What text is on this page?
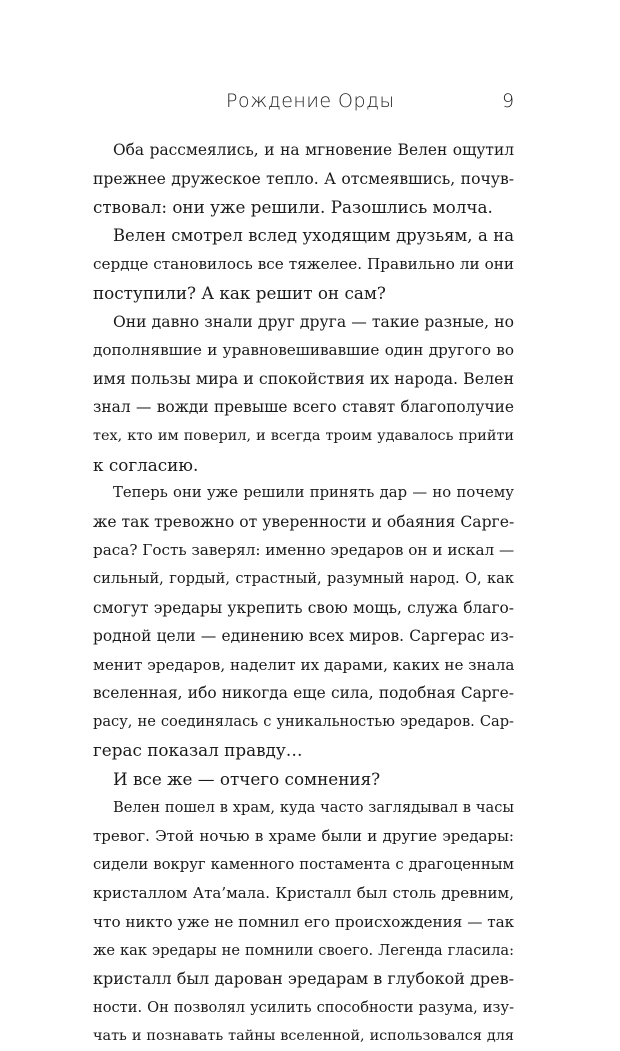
Рождение Орды	9
Оба рассмеялись, и на мгновение Велен ощутил
прежнее дружеское тепло. А отсмеявшись, почув-
ствовал: они уже решили. Разошлись молча.
Велен смотрел вслед уходящим друзьям, а на
сердце становилось все тяжелее. Правильно ли они
поступили? А как решит он сам?
Они давно знали друг друга — такие разные, но
дополнявшие и уравновешивавшие один другого во
имя пользы мира и спокойствия их народа. Велен
знал — вожди превыше всего ставят благополучие
тех, кто им поверил, и всегда троим удавалось прийти
к согласию.
Теперь они уже решили принять дар — но почему
же так тревожно от уверенности и обаяния Сарге-
раса? Гость заверял: именно эредаров он и искал —
сильный, гордый, страстный, разумный народ. О, как
смогут эредары укрепить свою мощь, служа благо-
родной цели — единению всех миров. Саргерас из-
менит эредаров, наделит их дарами, каких не знала
вселенная, ибо никогда еще сила, подобная Сарге-
расу, не соединялась с уникальностью эредаров. Сар-
герас показал правду…
И все же — отчего сомнения?
Велен пошел в храм, куда часто заглядывал в часы
тревог. Этой ночью в храме были и другие эредары:
сидели вокруг каменного постамента с драгоценным
кристаллом Ата’мала. Кристалл был столь древним,
что никто уже не помнил его происхождения — так
же как эредары не помнили своего. Легенда гласила:
кристалл был дарован эредарам в глубокой древ-
ности. Он позволял усилить способности разума, изу-
чать и познавать тайны вселенной, использовался для
